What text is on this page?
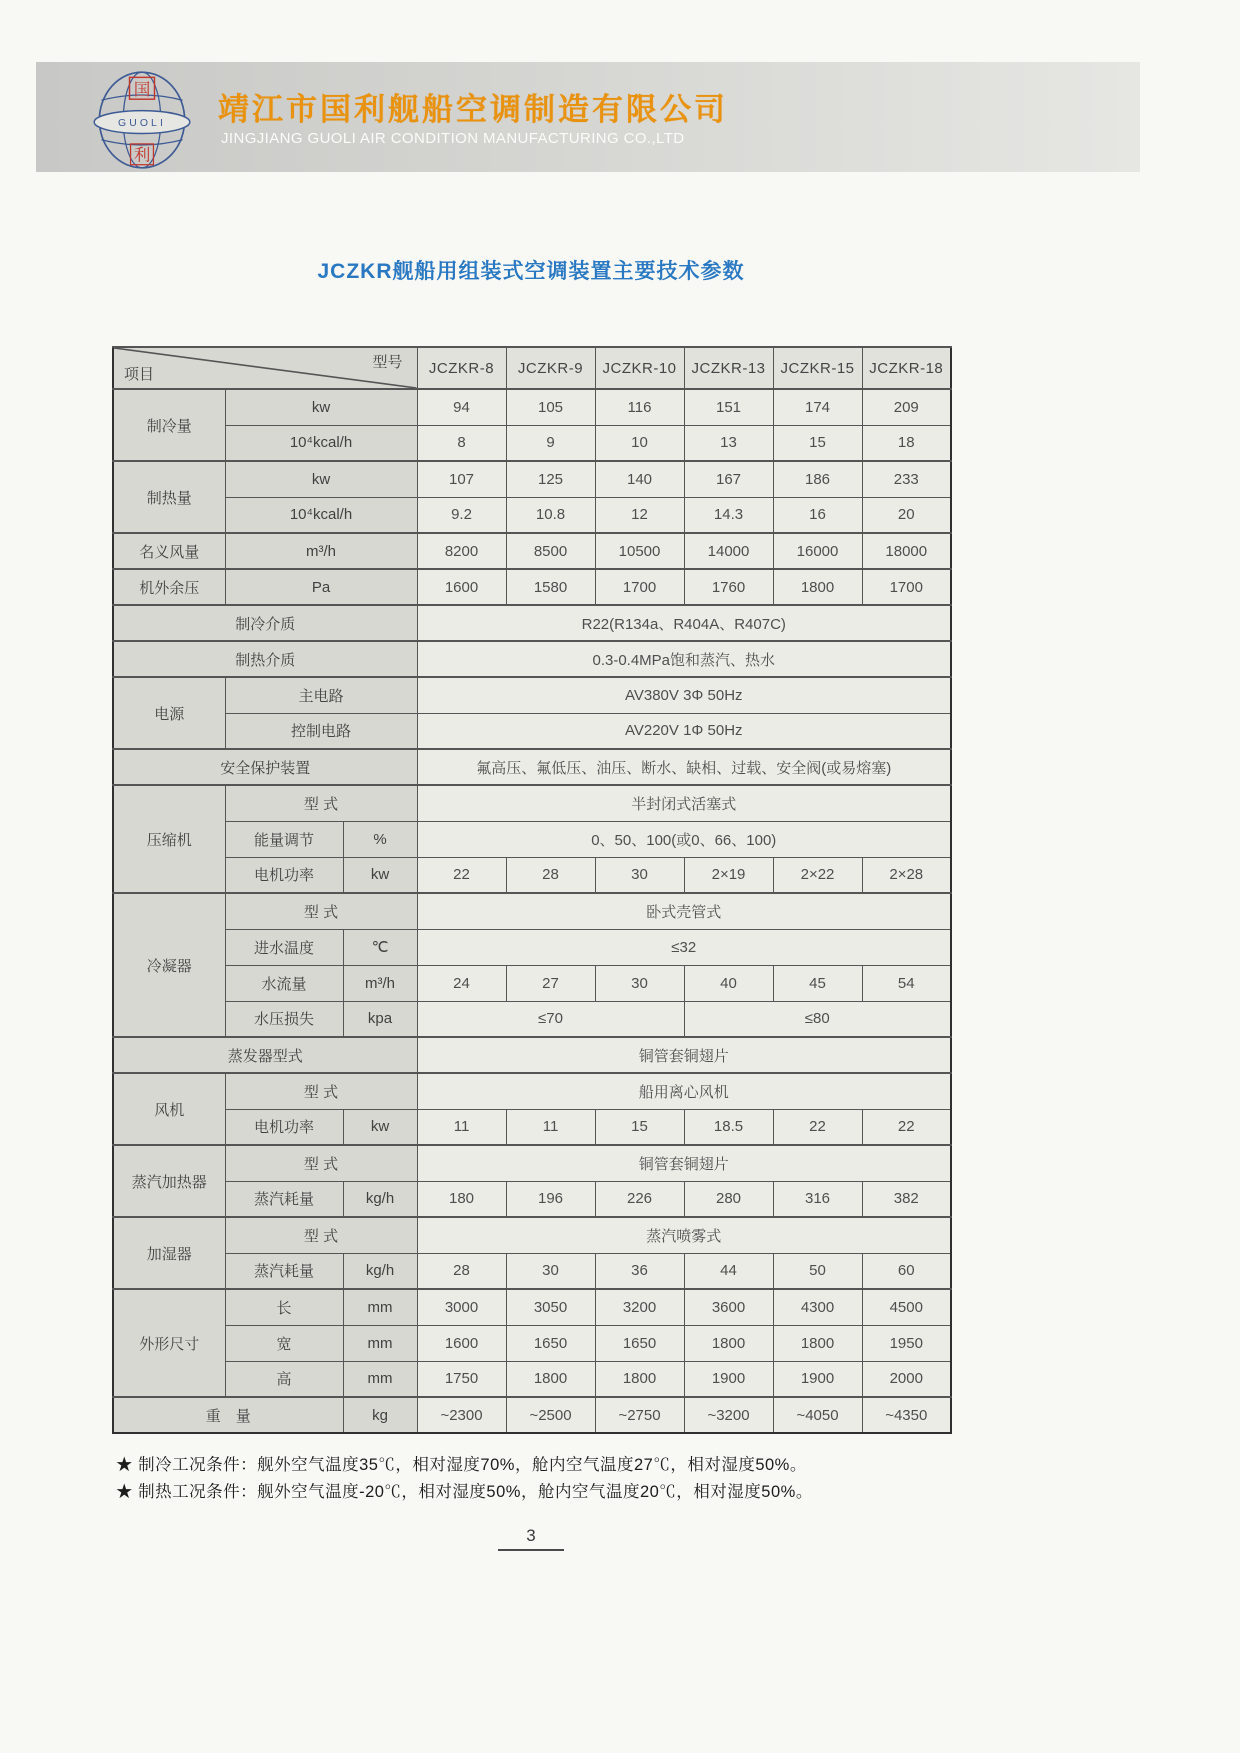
GUOLI
国
利
靖江市国利舰船空调制造有限公司
JINGJIANG GUOLI AIR CONDITION MANUFACTURING CO.,LTD
JCZKR舰船用组装式空调装置主要技术参数
型号
项目			JCZKR-8	JCZKR-9	JCZKR-10	JCZKR-13	JCZKR-15	JCZKR-18
制冷量	kw		94	105	116	151	174	209
	10⁴kcal/h		8	9	10	13	15	18
制热量	kw		107	125	140	167	186	233
	10⁴kcal/h		9.2	10.8	12	14.3	16	20
名义风量	m³/h		8200	8500	10500	14000	16000	18000
机外余压	Pa		1600	1580	1700	1760	1800	1700
制冷介质			R22(R134a、R404A、R407C)					
制热介质			0.3-0.4MPa饱和蒸汽、热水					
电源	主电路		AV380V 3Φ 50Hz					
	控制电路		AV220V 1Φ 50Hz					
安全保护装置			氟高压、氟低压、油压、断水、缺相、过载、安全阀(或易熔塞)					
压缩机	型 式		半封闭式活塞式					
	能量调节	%	0、50、100(或0、66、100)					
	电机功率	kw	22	28	30	2×19	2×22	2×28
冷凝器	型 式		卧式壳管式					
	进水温度	℃	≤32					
	水流量	m³/h	24	27	30	40	45	54
	水压损失	kpa	≤70			≤80		
蒸发器型式			铜管套铜翅片					
风机	型 式		船用离心风机					
	电机功率	kw	11	11	15	18.5	22	22
蒸汽加热器	型 式		铜管套铜翅片					
	蒸汽耗量	kg/h	180	196	226	280	316	382
加湿器	型 式		蒸汽喷雾式					
	蒸汽耗量	kg/h	28	30	36	44	50	60
外形尺寸	长	mm	3000	3050	3200	3600	4300	4500
	宽	mm	1600	1650	1650	1800	1800	1950
	高	mm	1750	1800	1800	1900	1900	2000
重　量		kg	~2300	~2500	~2750	~3200	~4050	~4350
★ 制冷工况条件：舰外空气温度35℃，相对湿度70%，舱内空气温度27℃，相对湿度50%。
★ 制热工况条件：舰外空气温度-20℃，相对湿度50%，舱内空气温度20℃，相对湿度50%。
3
